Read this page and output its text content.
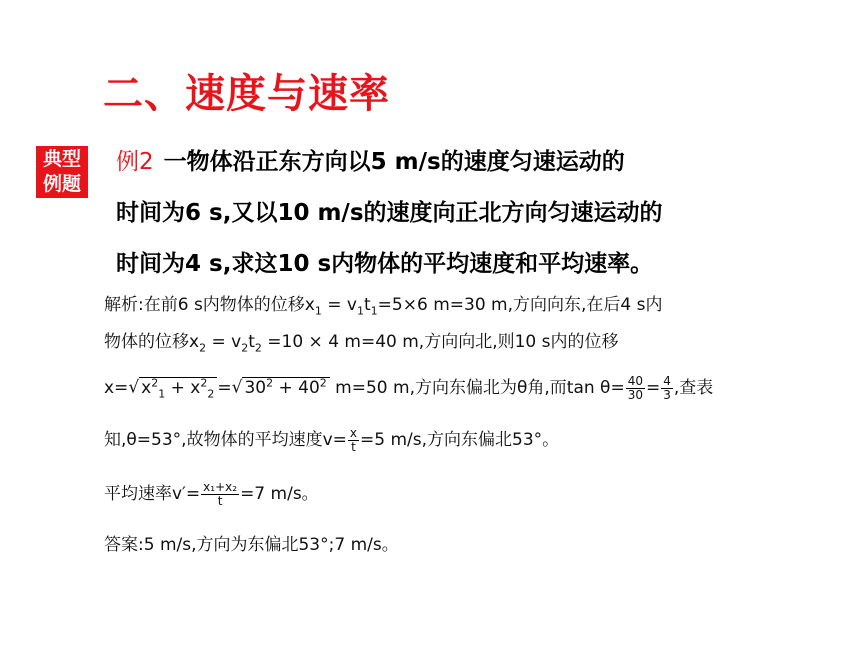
二、速度与速率
典型
例题
例2 一物体沿正东方向以5 m/s的速度匀速运动的
时间为6 s,又以10 m/s的速度向正北方向匀速运动的
时间为4 s,求这10 s内物体的平均速度和平均速率。
解析:在前6 s内物体的位移$x_1 = v_1t_1=5\times 6$ m=30 m,方向向东,在后4 s内
物体的位移$x_2 = v_2t_2 =10 \times 4$ m=40 m,方向向北,则10 s内的位移
x=√ $x^2_1 + x^2_2$ =√ $30^2 + 40^2$ m=50 m,方向东偏北为θ角,而$\tan \theta= \frac{40}{30} = \frac{4}{3}$ ,查表
知,θ=53°,故物体的平均速度$v= \frac{x}{t} =5$ m/s,方向东偏北53°。
平均速率$v'= \frac{\text{x₁+x₂}}{t} =7$ m/s。
答案:5 m/s,方向为东偏北53°;7 m/s。
